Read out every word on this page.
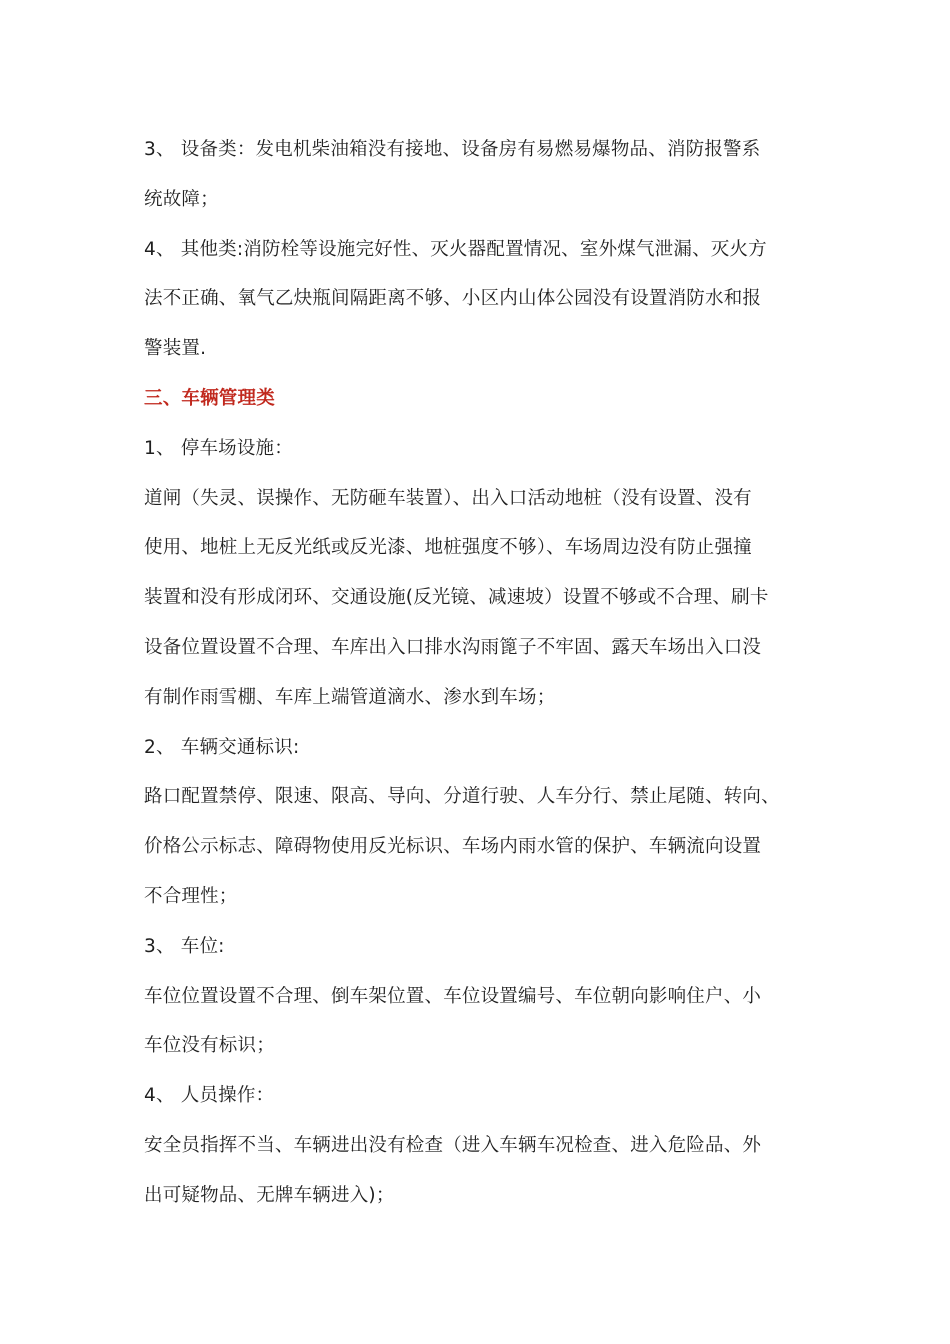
3、 设备类：发电机柴油箱没有接地、设备房有易燃易爆物品、消防报警系
统故障；
4、 其他类:消防栓等设施完好性、灭火器配置情况、室外煤气泄漏、灭火方
法不正确、氧气乙炔瓶间隔距离不够、小区内山体公园没有设置消防水和报
警装置.
三、车辆管理类
1、 停车场设施：
道闸（失灵、误操作、无防砸车装置）、出入口活动地桩（没有设置、没有
使用、地桩上无反光纸或反光漆、地桩强度不够）、车场周边没有防止强撞
装置和没有形成闭环、交通设施(反光镜、减速坡）设置不够或不合理、刷卡
设备位置设置不合理、车库出入口排水沟雨篦子不牢固、露天车场出入口没
有制作雨雪棚、车库上端管道滴水、渗水到车场；
2、 车辆交通标识:
路口配置禁停、限速、限高、导向、分道行驶、人车分行、禁止尾随、转向、
价格公示标志、障碍物使用反光标识、车场内雨水管的保护、车辆流向设置
不合理性；
3、 车位:
车位位置设置不合理、倒车架位置、车位设置编号、车位朝向影响住户、小
车位没有标识；
4、 人员操作：
安全员指挥不当、车辆进出没有检查（进入车辆车况检查、进入危险品、外
出可疑物品、无牌车辆进入)；
